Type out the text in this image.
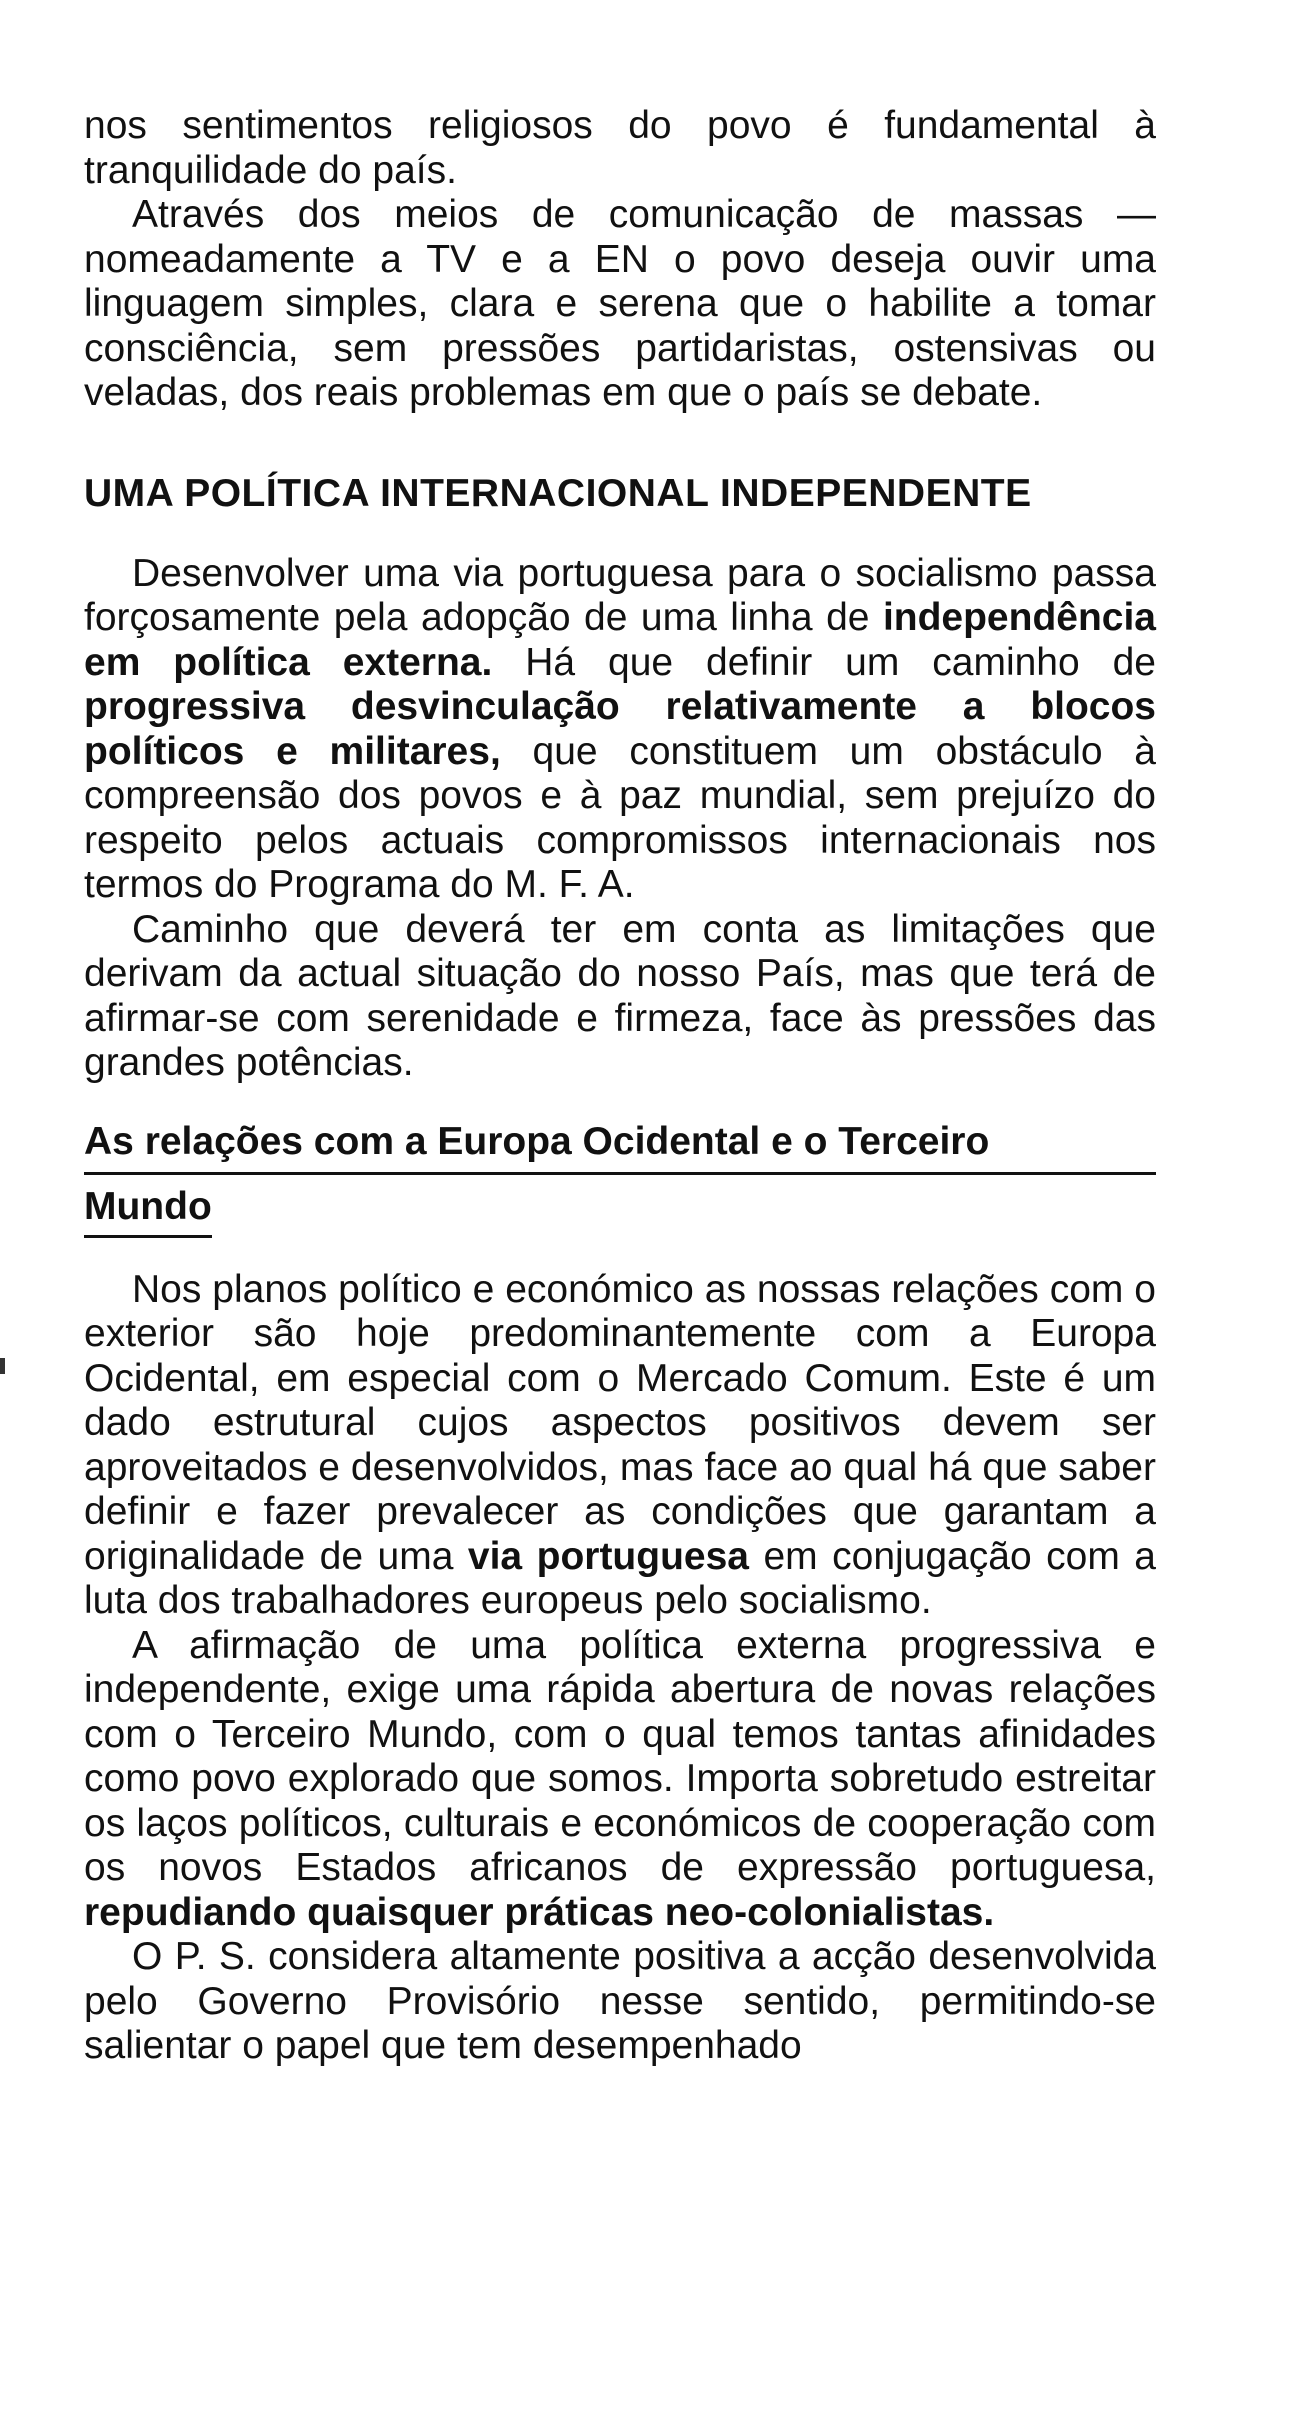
nos sentimentos religiosos do povo é fundamental à tranquilidade do país.

Através dos meios de comunicação de massas — nomeadamente a TV e a EN o povo deseja ouvir uma linguagem simples, clara e serena que o habilite a tomar consciência, sem pressões partidaristas, ostensivas ou veladas, dos reais problemas em que o país se debate.

UMA POLÍTICA INTERNACIONAL INDEPENDENTE

Desenvolver uma via portuguesa para o socialismo passa forçosamente pela adopção de uma linha de independência em política externa. Há que definir um caminho de progressiva desvinculação relativamente a blocos políticos e militares, que constituem um obstáculo à compreensão dos povos e à paz mundial, sem prejuízo do respeito pelos actuais compromissos internacionais nos termos do Programa do M. F. A.

Caminho que deverá ter em conta as limitações que derivam da actual situação do nosso País, mas que terá de afirmar-se com serenidade e firmeza, face às pressões das grandes potências.

As relações com a Europa Ocidental e o Terceiro
Mundo

Nos planos político e económico as nossas relações com o exterior são hoje predominantemente com a Europa Ocidental, em especial com o Mercado Comum. Este é um dado estrutural cujos aspectos positivos devem ser aproveitados e desenvolvidos, mas face ao qual há que saber definir e fazer prevalecer as condições que garantam a originalidade de uma via portuguesa em conjugação com a luta dos trabalhadores europeus pelo socialismo.

A afirmação de uma política externa progressiva e independente, exige uma rápida abertura de novas relações com o Terceiro Mundo, com o qual temos tantas afinidades como povo explorado que somos. Importa sobretudo estreitar os laços políticos, culturais e económicos de cooperação com os novos Estados africanos de expressão portuguesa, repudiando quaisquer práticas neo-colonialistas.

O P. S. considera altamente positiva a acção desenvolvida pelo Governo Provisório nesse sentido, permitindo-se salientar o papel que tem desempenhado
